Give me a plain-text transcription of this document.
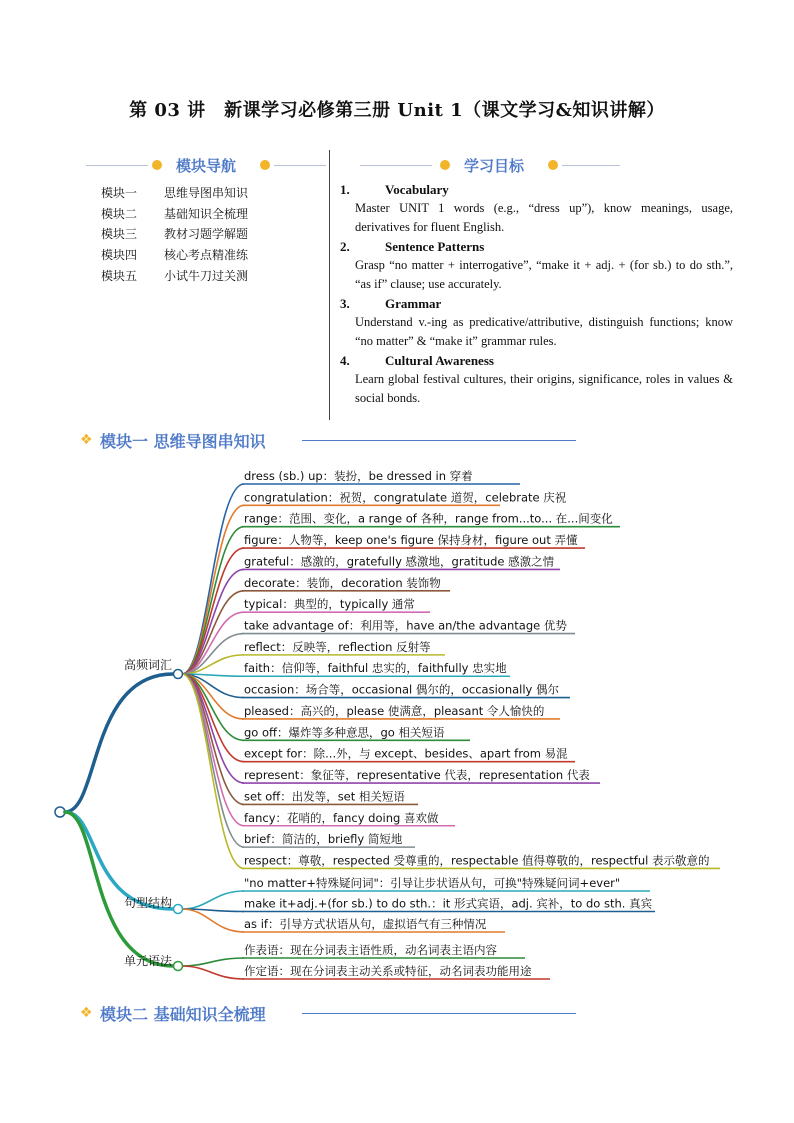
第 03 讲　新课学习必修第三册 Unit 1（课文学习&知识讲解）
模块导航
模块一 思维导图串知识
模块二 基础知识全梳理
模块三 教材习题学解题
模块四 核心考点精准练
模块五 小试牛刀过关测
学习目标
1.	Vocabulary
Master UNIT 1 words (e.g., “dress up”), know meanings, usage, derivatives for fluent English.
2.	Sentence Patterns
Grasp “no matter + interrogative”, “make it + adj. + (for sb.) to do sth.”, “as if” clause; use accurately.
3.	Grammar
Understand v.-ing as predicative/attributive, distinguish functions; know “no matter” & “make it” grammar rules.
4.	Cultural Awareness
Learn global festival cultures, their origins, significance, roles in values & social bonds.
❖ 模块一 思维导图串知识
高频词汇
dress (sb.) up：装扮，be dressed in 穿着
congratulation：祝贺，congratulate 道贺，celebrate 庆祝
range：范围、变化，a range of 各种，range from...to... 在...间变化
figure：人物等，keep one's figure 保持身材，figure out 弄懂
grateful：感激的，gratefully 感激地，gratitude 感激之情
decorate：装饰，decoration 装饰物
typical：典型的，typically 通常
take advantage of：利用等，have an/the advantage 优势
reflect：反映等，reflection 反射等
faith：信仰等，faithful 忠实的，faithfully 忠实地
occasion：场合等，occasional 偶尔的，occasionally 偶尔
pleased：高兴的，please 使满意，pleasant 令人愉快的
go off：爆炸等多种意思，go 相关短语
except for：除...外，与 except、besides、apart from 易混
represent：象征等，representative 代表，representation 代表
set off：出发等，set 相关短语
fancy：花哨的，fancy doing 喜欢做
brief：简洁的，briefly 简短地
respect：尊敬，respected 受尊重的，respectable 值得尊敬的，respectful 表示敬意的
句型结构
"no matter+特殊疑问词"：引导让步状语从句，可换"特殊疑问词+ever"
make it+adj.+(for sb.) to do sth.：it 形式宾语，adj. 宾补，to do sth. 真宾
as if：引导方式状语从句，虚拟语气有三种情况
单元语法
作表语：现在分词表主语性质，动名词表主语内容
作定语：现在分词表主动关系或特征，动名词表功能用途
❖ 模块二 基础知识全梳理
